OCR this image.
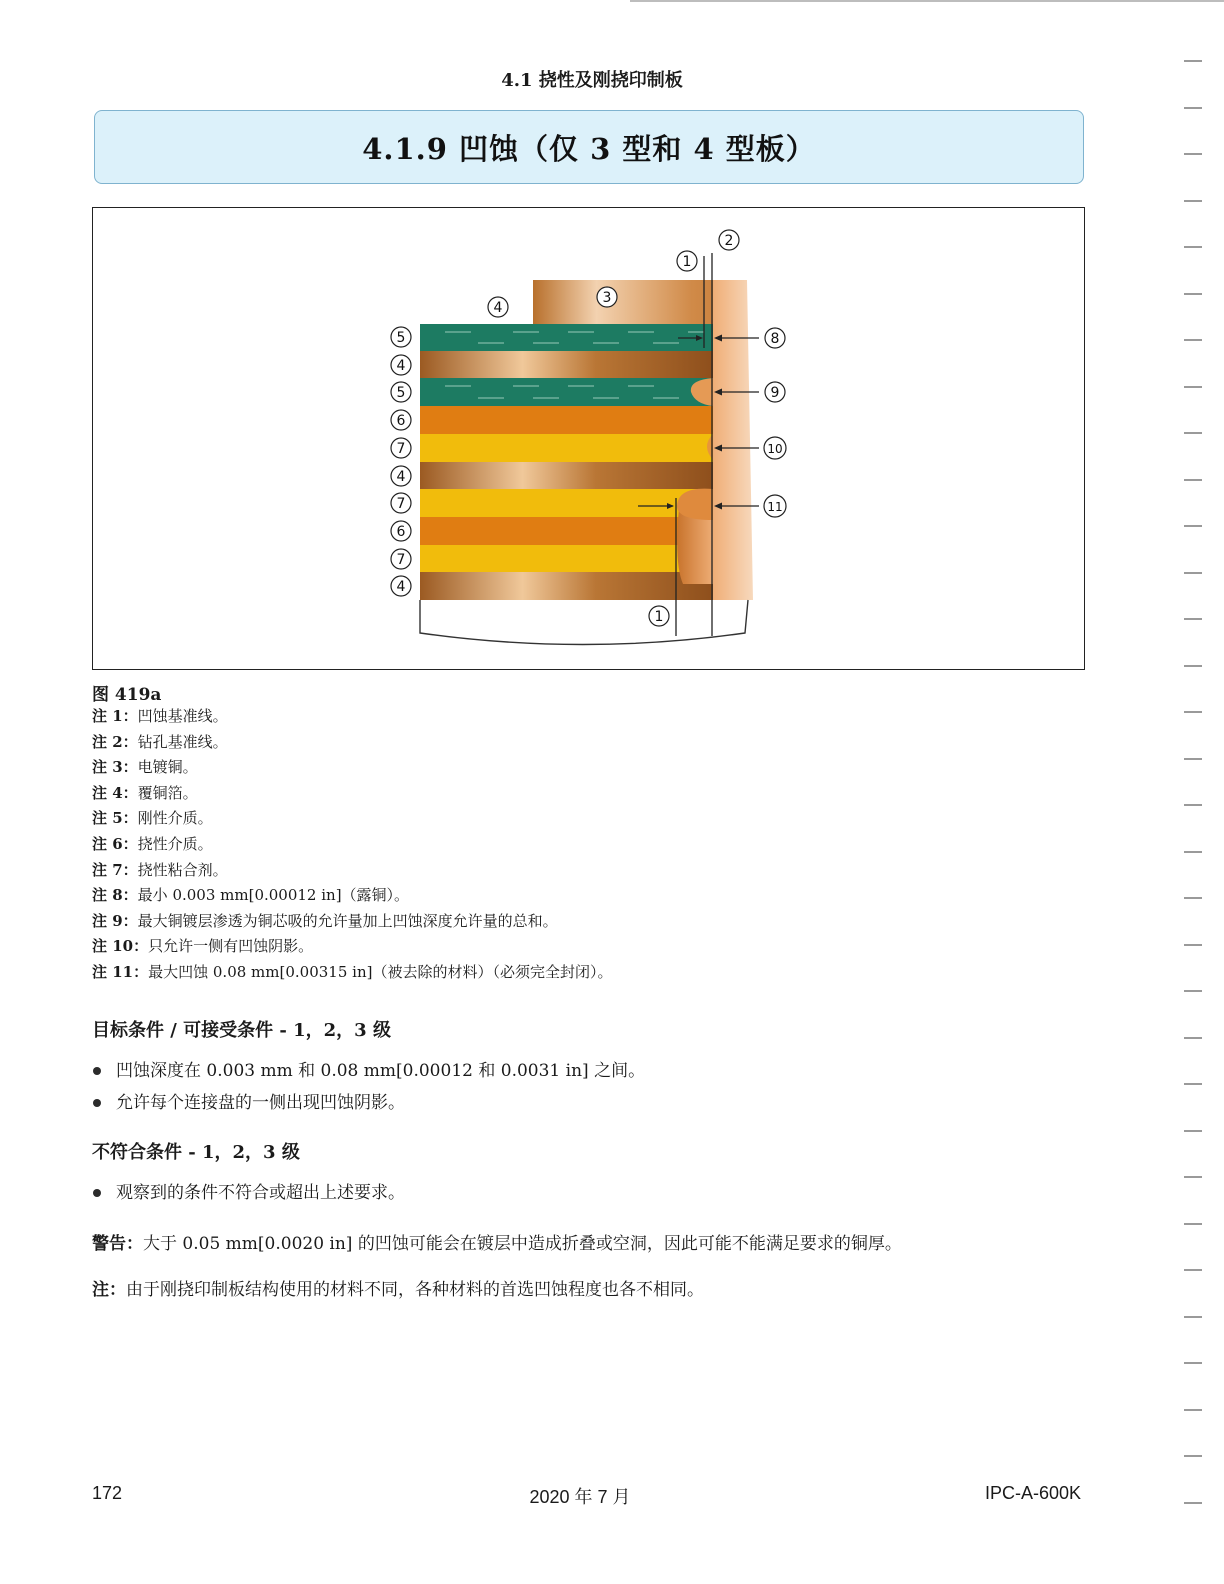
4.1 挠性及刚挠印制板
4.1.9 凹蚀（仅 3 型和 4 型板）
2
1
3
4
5
4
5
6
7
4
7
6
7
4
1
8
9
10
11
图 419a
注 1：凹蚀基准线。
注 2：钻孔基准线。
注 3：电镀铜。
注 4：覆铜箔。
注 5：刚性介质。
注 6：挠性介质。
注 7：挠性粘合剂。
注 8：最小 0.003 mm[0.00012 in]（露铜）。
注 9：最大铜镀层渗透为铜芯吸的允许量加上凹蚀深度允许量的总和。
注 10：只允许一侧有凹蚀阴影。
注 11：最大凹蚀 0.08 mm[0.00315 in]（被去除的材料）（必须完全封闭）。
目标条件 / 可接受条件 - 1，2，3 级
凹蚀深度在 0.003 mm 和 0.08 mm[0.00012 和 0.0031 in] 之间。
允许每个连接盘的一侧出现凹蚀阴影。
不符合条件 - 1，2，3 级
观察到的条件不符合或超出上述要求。
警告：大于 0.05 mm[0.0020 in] 的凹蚀可能会在镀层中造成折叠或空洞，因此可能不能满足要求的铜厚。
注：由于刚挠印制板结构使用的材料不同，各种材料的首选凹蚀程度也各不相同。
172	2020 年 7 月	IPC-A-600K
